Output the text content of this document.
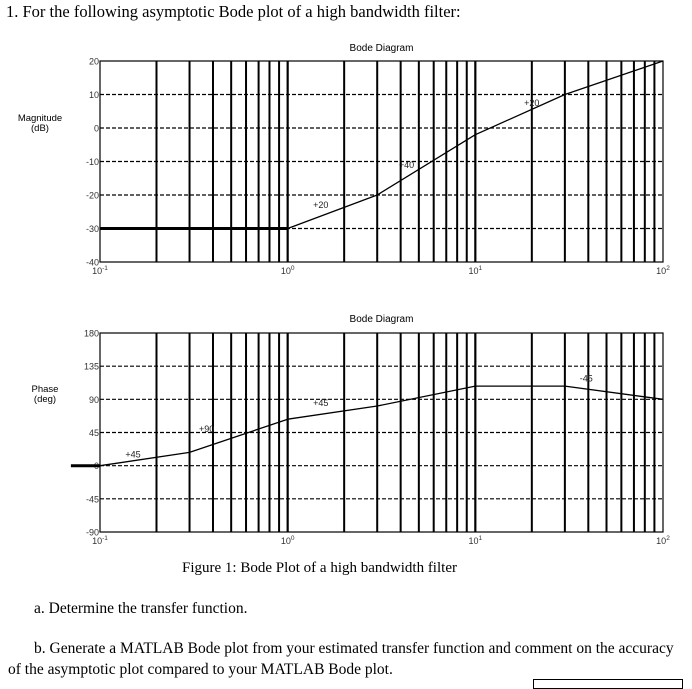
1. For the following asymptotic Bode plot of a high bandwidth filter:
Bode Diagram
Magnitude
(dB)
-40
-30
-20
-10
0
10
20
$10^{-1}$	$10^0$	$10^1$	$10^2$
+20
+40
+20
Bode Diagram
Phase
(deg)
-90
-45
0
45
90
135
180
$10^{-1}$	$10^0$	$10^1$	$10^2$
+45
+90
+45
-45
Figure 1: Bode Plot of a high bandwidth filter
a. Determine the transfer function.
b. Generate a MATLAB Bode plot from your estimated transfer function and comment on the accuracy of the asymptotic plot compared to your MATLAB Bode plot.
